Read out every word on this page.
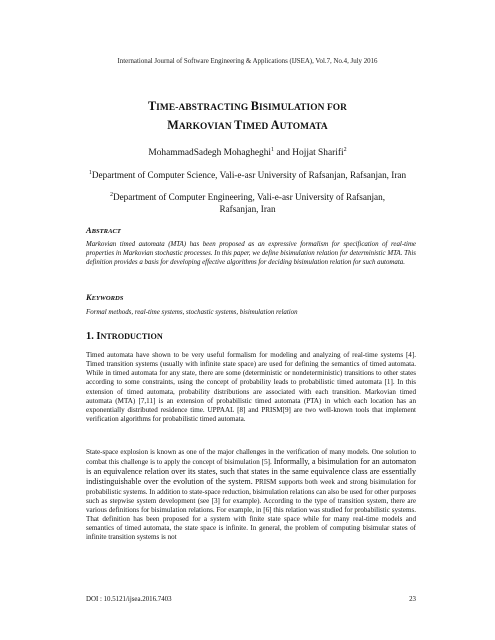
International Journal of Software Engineering & Applications (IJSEA), Vol.7, No.4, July 2016
TIME-ABSTRACTING BISIMULATION FOR
MARKOVIAN TIMED AUTOMATA
MohammadSadegh Mohagheghi$^1$ and Hojjat Sharifi$^2$
$^1$Department of Computer Science, Vali-e-asr University of Rafsanjan, Rafsanjan, Iran
$^2$Department of Computer Engineering, Vali-e-asr University of Rafsanjan, Rafsanjan, Iran
ABSTRACT
Markovian timed automata (MTA) has been proposed as an expressive formalism for specification of real-time properties in Markovian stochastic processes. In this paper, we define bisimulation relation for deterministic MTA. This definition provides a basis for developing effective algorithms for deciding bisimulation relation for such automata.
KEYWORDS
Formal methods, real-time systems, stochastic systems, bisimulation relation
1. INTRODUCTION
Timed automata have shown to be very useful formalism for modeling and analyzing of real-time systems [4]. Timed transition systems (usually with infinite state space) are used for defining the semantics of timed automata. While in timed automata for any state, there are some (deterministic or nondeterministic) transitions to other states according to some constraints, using the concept of probability leads to probabilistic timed automata [1]. In this extension of timed automata, probability distributions are associated with each transition. Markovian timed automata (MTA) [7,11] is an extension of probabilistic timed automata (PTA) in which each location has an exponentially distributed residence time. UPPAAL [8] and PRISM[9] are two well-known tools that implement verification algorithms for probabilistic timed automata.
State-space explosion is known as one of the major challenges in the verification of many models. One solution to combat this challenge is to apply the concept of bisimulation [5]. Informally, a bisimulation for an automaton is an equivalence relation over its states, such that states in the same equivalence class are essentially indistinguishable over the evolution of the system. PRISM supports both week and strong bisimulation for probabilistic systems. In addition to state-space reduction, bisimulation relations can also be used for other purposes such as stepwise system development (see [3] for example). According to the type of transition system, there are various definitions for bisimulation relations. For example, in [6] this relation was studied for probabilistic systems. That definition has been proposed for a system with finite state space while for many real-time models and semantics of timed automata, the state space is infinite. In general, the problem of computing bisimular states of infinite transition systems is not
DOI : 10.5121/ijsea.2016.7403	23
